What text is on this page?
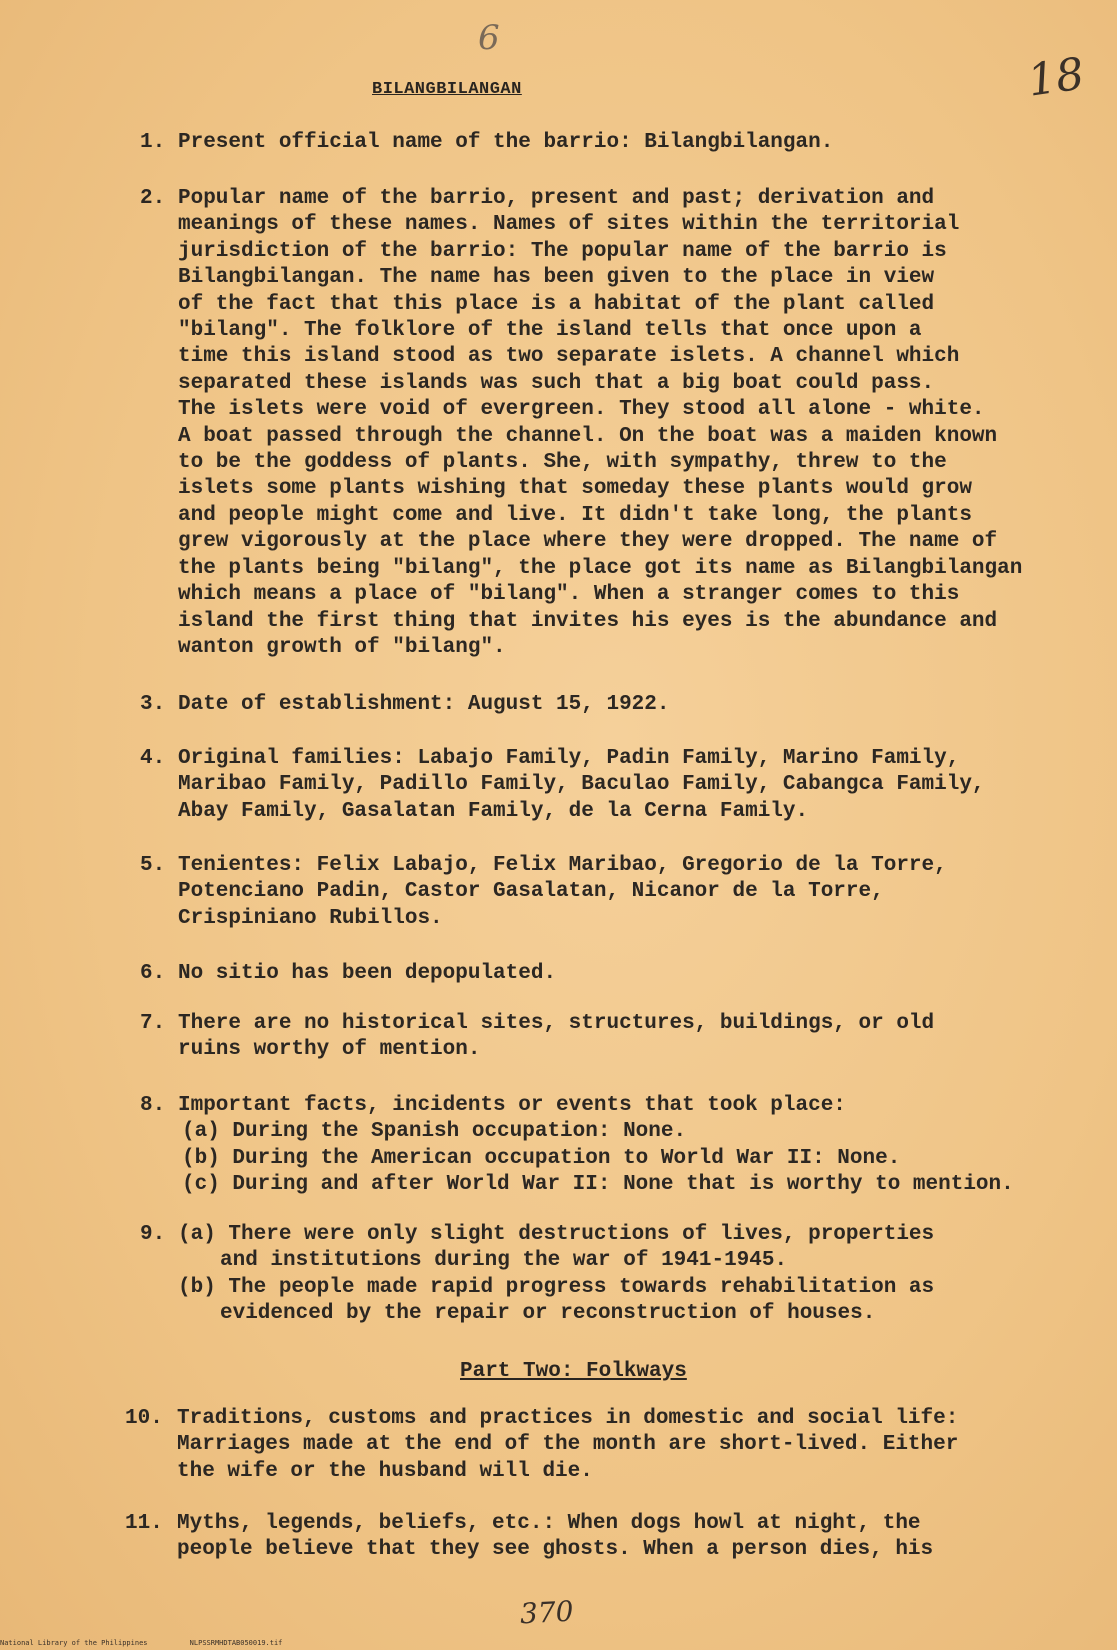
6
18
BILANGBILANGAN
1. Present official name of the barrio: Bilangbilangan.
2. Popular name of the barrio, present and past; derivation and
meanings of these names. Names of sites within the territorial
jurisdiction of the barrio: The popular name of the barrio is
Bilangbilangan. The name has been given to the place in view
of the fact that this place is a habitat of the plant called
"bilang". The folklore of the island tells that once upon a
time this island stood as two separate islets. A channel which
separated these islands was such that a big boat could pass.
The islets were void of evergreen. They stood all alone - white.
A boat passed through the channel. On the boat was a maiden known
to be the goddess of plants. She, with sympathy, threw to the
islets some plants wishing that someday these plants would grow
and people might come and live. It didn't take long, the plants
grew vigorously at the place where they were dropped. The name of
the plants being "bilang", the place got its name as Bilangbilangan
which means a place of "bilang". When a stranger comes to this
island the first thing that invites his eyes is the abundance and
wanton growth of "bilang".
3. Date of establishment: August 15, 1922.
4. Original families: Labajo Family, Padin Family, Marino Family,
Maribao Family, Padillo Family, Baculao Family, Cabangca Family,
Abay Family, Gasalatan Family, de la Cerna Family.
5. Tenientes: Felix Labajo, Felix Maribao, Gregorio de la Torre,
Potenciano Padin, Castor Gasalatan, Nicanor de la Torre,
Crispiniano Rubillos.
6. No sitio has been depopulated.
7. There are no historical sites, structures, buildings, or old
ruins worthy of mention.
8. Important facts, incidents or events that took place:
(a) During the Spanish occupation: None.
(b) During the American occupation to World War II: None.
(c) During and after World War II: None that is worthy to mention.
9. (a) There were only slight destructions of lives, properties
and institutions during the war of 1941-1945.
(b) The people made rapid progress towards rehabilitation as
evidenced by the repair or reconstruction of houses.
Part Two: Folkways
10. Traditions, customs and practices in domestic and social life:
Marriages made at the end of the month are short-lived. Either
the wife or the husband will die.
11. Myths, legends, beliefs, etc.: When dogs howl at night, the
people believe that they see ghosts. When a person dies, his
370
National Library of the Philippines	NLPSSRMHDTAB050019.tif
